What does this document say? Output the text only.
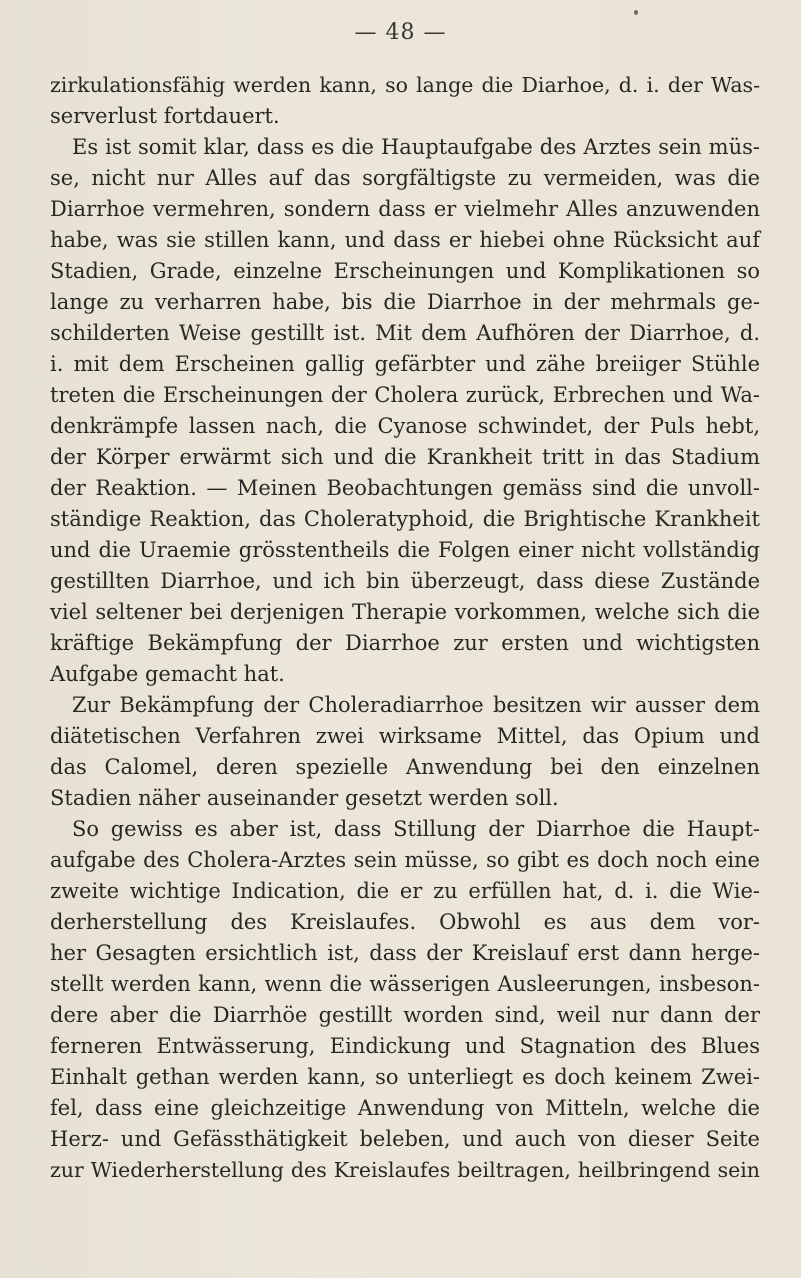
— 48 —
zirkulationsfähig werden kann, so lange die Diarhoe, d. i. der Was-
serverlust fortdauert.
Es ist somit klar, dass es die Hauptaufgabe des Arztes sein müs-
se, nicht nur Alles auf das sorgfältigste zu vermeiden, was die
Diarrhoe vermehren, sondern dass er vielmehr Alles anzuwenden
habe, was sie stillen kann, und dass er hiebei ohne Rücksicht auf
Stadien, Grade, einzelne Erscheinungen und Komplikationen so
lange zu verharren habe, bis die Diarrhoe in der mehrmals ge-
schilderten Weise gestillt ist. Mit dem Aufhören der Diarrhoe, d.
i. mit dem Erscheinen gallig gefärbter und zähe breiiger Stühle
treten die Erscheinungen der Cholera zurück, Erbrechen und Wa-
denkrämpfe lassen nach, die Cyanose schwindet, der Puls hebt,
der Körper erwärmt sich und die Krankheit tritt in das Stadium
der Reaktion. — Meinen Beobachtungen gemäss sind die unvoll-
ständige Reaktion, das Choleratyphoid, die Brightische Krankheit
und die Uraemie grösstentheils die Folgen einer nicht vollständig
gestillten Diarrhoe, und ich bin überzeugt, dass diese Zustände
viel seltener bei derjenigen Therapie vorkommen, welche sich die
kräftige Bekämpfung der Diarrhoe zur ersten und wichtigsten
Aufgabe gemacht hat.
Zur Bekämpfung der Choleradiarrhoe besitzen wir ausser dem
diätetischen Verfahren zwei wirksame Mittel, das Opium und
das Calomel, deren spezielle Anwendung bei den einzelnen
Stadien näher auseinander gesetzt werden soll.
So gewiss es aber ist, dass Stillung der Diarrhoe die Haupt-
aufgabe des Cholera-Arztes sein müsse, so gibt es doch noch eine
zweite wichtige Indication, die er zu erfüllen hat, d. i. die Wie-
derherstellung des Kreislaufes. Obwohl es aus dem vor-
her Gesagten ersichtlich ist, dass der Kreislauf erst dann herge-
stellt werden kann, wenn die wässerigen Ausleerungen, insbeson-
dere aber die Diarrhöe gestillt worden sind, weil nur dann der
ferneren Entwässerung, Eindickung und Stagnation des Blues
Einhalt gethan werden kann, so unterliegt es doch keinem Zwei-
fel, dass eine gleichzeitige Anwendung von Mitteln, welche die
Herz- und Gefässthätigkeit beleben, und auch von dieser Seite
zur Wiederherstellung des Kreislaufes beiltragen, heilbringend sein
